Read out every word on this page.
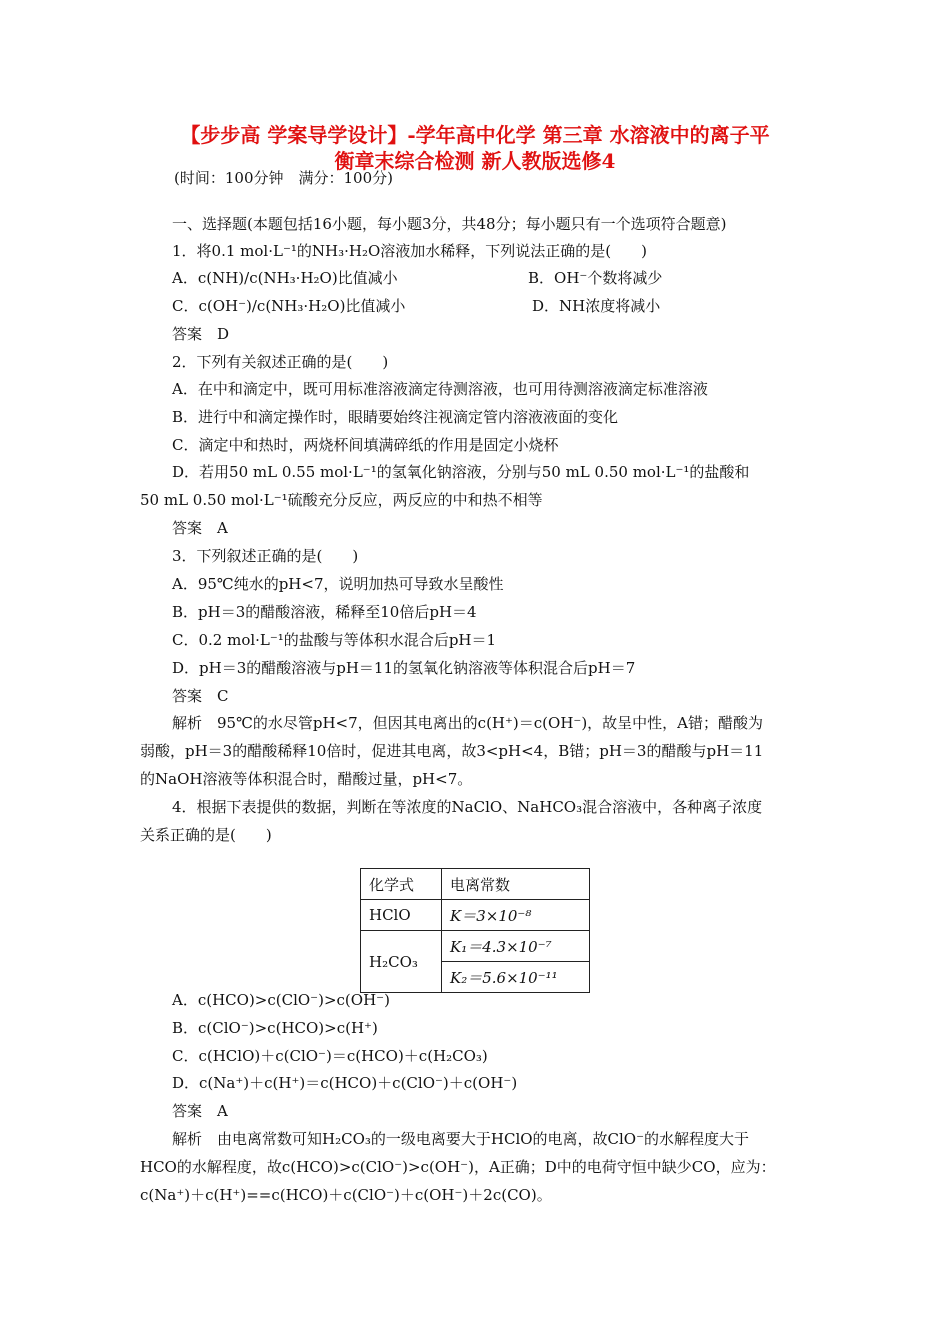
【步步高 学案导学设计】-学年高中化学 第三章 水溶液中的离子平
衡章末综合检测 新人教版选修4
(时间：100分钟　满分：100分)
一、选择题(本题包括16小题，每小题3分，共48分；每小题只有一个选项符合题意)
1．将0.1 mol·L⁻¹的NH₃·H₂O溶液加水稀释，下列说法正确的是(　　)
A．c(NH)/c(NH₃·H₂O)比值减小	B．OH⁻个数将减少
C．c(OH⁻)/c(NH₃·H₂O)比值减小	D．NH浓度将减小
答案　D
2．下列有关叙述正确的是(　　)
A．在中和滴定中，既可用标准溶液滴定待测溶液，也可用待测溶液滴定标准溶液
B．进行中和滴定操作时，眼睛要始终注视滴定管内溶液液面的变化
C．滴定中和热时，两烧杯间填满碎纸的作用是固定小烧杯
D．若用50 mL 0.55 mol·L⁻¹的氢氧化钠溶液，分别与50 mL 0.50 mol·L⁻¹的盐酸和
50 mL 0.50 mol·L⁻¹硫酸充分反应，两反应的中和热不相等
答案　A
3．下列叙述正确的是(　　)
A．95℃纯水的pH<7，说明加热可导致水呈酸性
B．pH＝3的醋酸溶液，稀释至10倍后pH＝4
C．0.2 mol·L⁻¹的盐酸与等体积水混合后pH＝1
D．pH＝3的醋酸溶液与pH＝11的氢氧化钠溶液等体积混合后pH＝7
答案　C
解析　95℃的水尽管pH<7，但因其电离出的c(H⁺)＝c(OH⁻)，故呈中性，A错；醋酸为
弱酸，pH＝3的醋酸稀释10倍时，促进其电离，故3<pH<4，B错；pH＝3的醋酸与pH＝11
的NaOH溶液等体积混合时，醋酸过量，pH<7。
4．根据下表提供的数据，判断在等浓度的NaClO、NaHCO₃混合溶液中，各种离子浓度
关系正确的是(　　)
化学式	电离常数
HClO	K＝3×10⁻⁸
H₂CO₃	K₁＝4.3×10⁻⁷
	K₂＝5.6×10⁻¹¹
A．c(HCO)>c(ClO⁻)>c(OH⁻)
B．c(ClO⁻)>c(HCO)>c(H⁺)
C．c(HClO)＋c(ClO⁻)＝c(HCO)＋c(H₂CO₃)
D．c(Na⁺)＋c(H⁺)＝c(HCO)＋c(ClO⁻)＋c(OH⁻)
答案　A
解析　由电离常数可知H₂CO₃的一级电离要大于HClO的电离，故ClO⁻的水解程度大于
HCO的水解程度，故c(HCO)>c(ClO⁻)>c(OH⁻)，A正确；D中的电荷守恒中缺少CO，应为：
c(Na⁺)＋c(H⁺)==c(HCO)＋c(ClO⁻)＋c(OH⁻)＋2c(CO)。
